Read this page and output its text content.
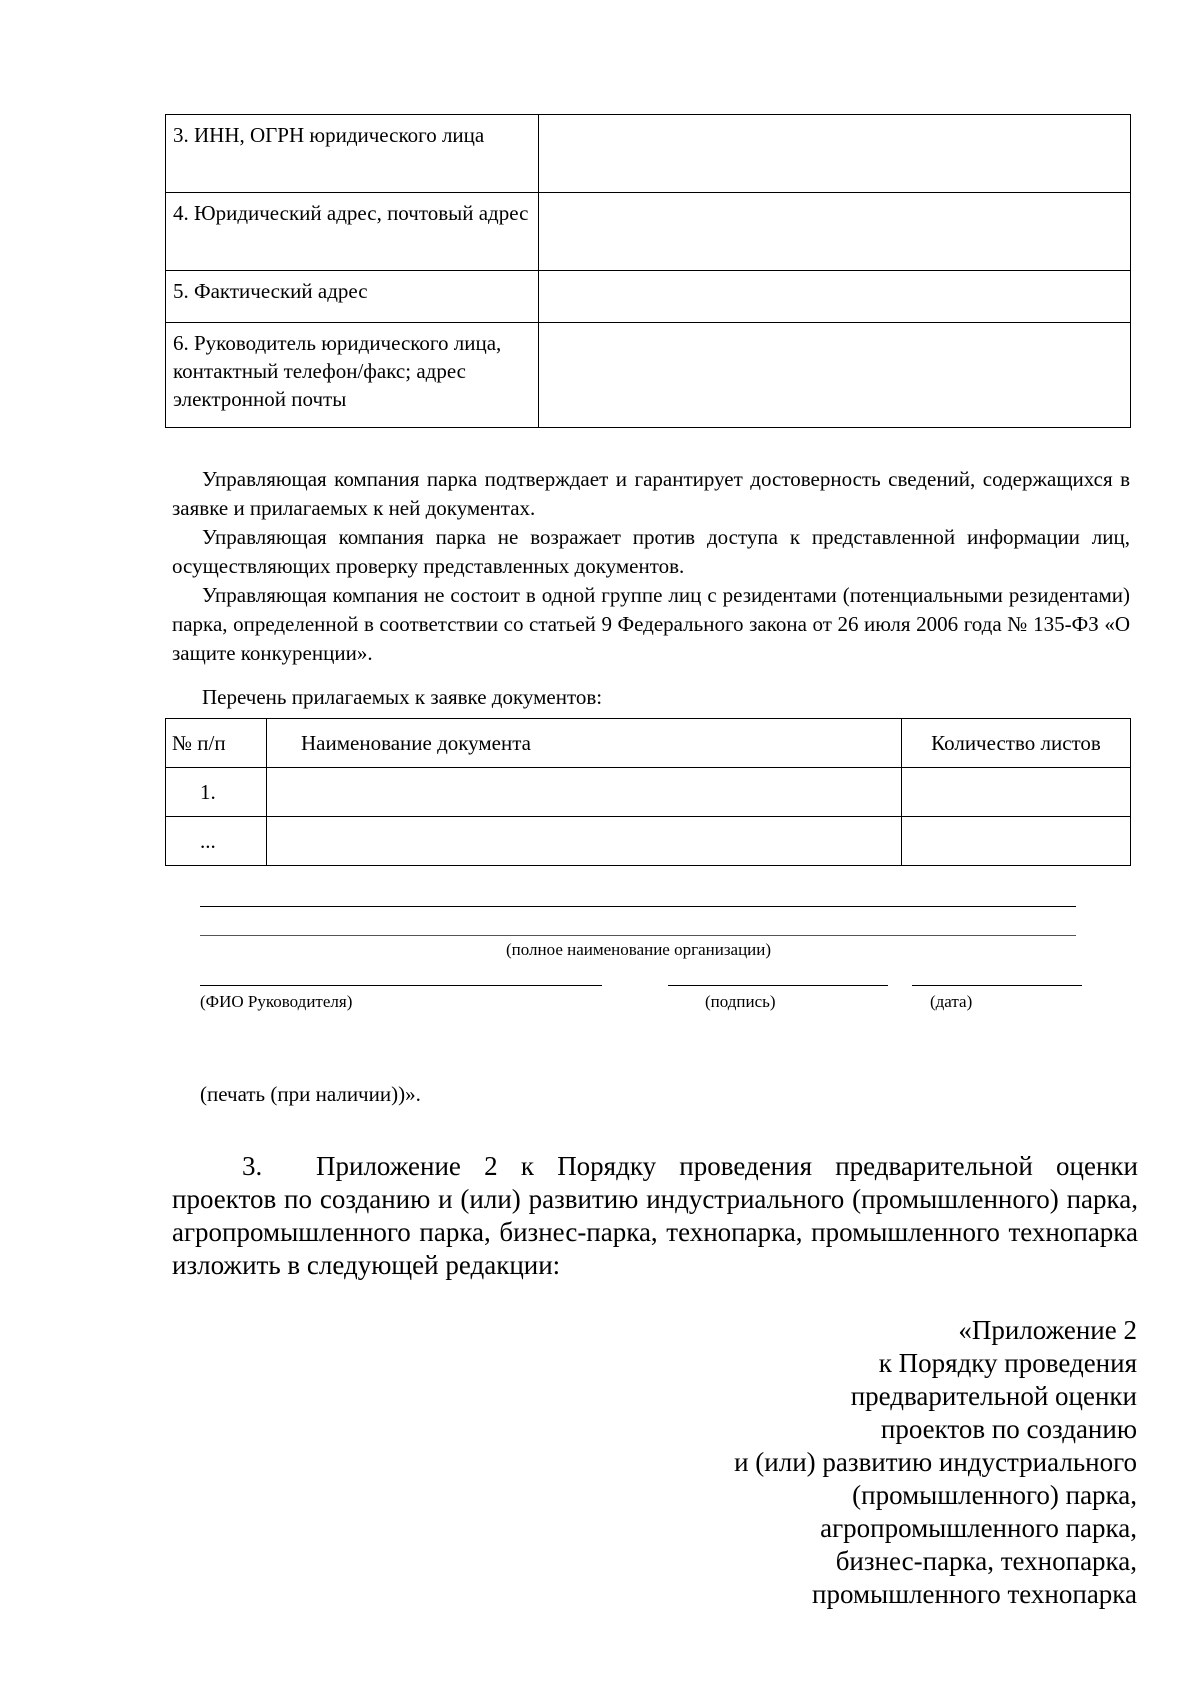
3. ИНН, ОГРН юридического лица	
4. Юридический адрес, почтовый адрес	
5. Фактический адрес	
6. Руководитель юридического лица, контактный телефон/факс; адрес электронной почты	
Управляющая компания парка подтверждает и гарантирует достоверность сведений, содержащихся в заявке и прилагаемых к ней документах.
Управляющая компания парка не возражает против доступа к представленной информации лиц, осуществляющих проверку представленных документов.
Управляющая компания не состоит в одной группе лиц с резидентами (потенциальными резидентами) парка, определенной в соответствии со статьей 9 Федерального закона от 26 июля 2006 года № 135-ФЗ «О защите конкуренции».
Перечень прилагаемых к заявке документов:
№ п/п	Наименование документа	Количество листов
1.		
...		
(полное наименование организации)
(ФИО Руководителя)	(подпись)	(дата)
(печать (при наличии))».
3. Приложение 2 к Порядку проведения предварительной оценки проектов по созданию и (или) развитию индустриального (промышленного) парка, агропромышленного парка, бизнес-парка, технопарка, промышленного технопарка изложить в следующей редакции:
«Приложение 2
к Порядку проведения
предварительной оценки
проектов по созданию
и (или) развитию индустриального
(промышленного) парка,
агропромышленного парка,
бизнес-парка, технопарка,
промышленного технопарка
